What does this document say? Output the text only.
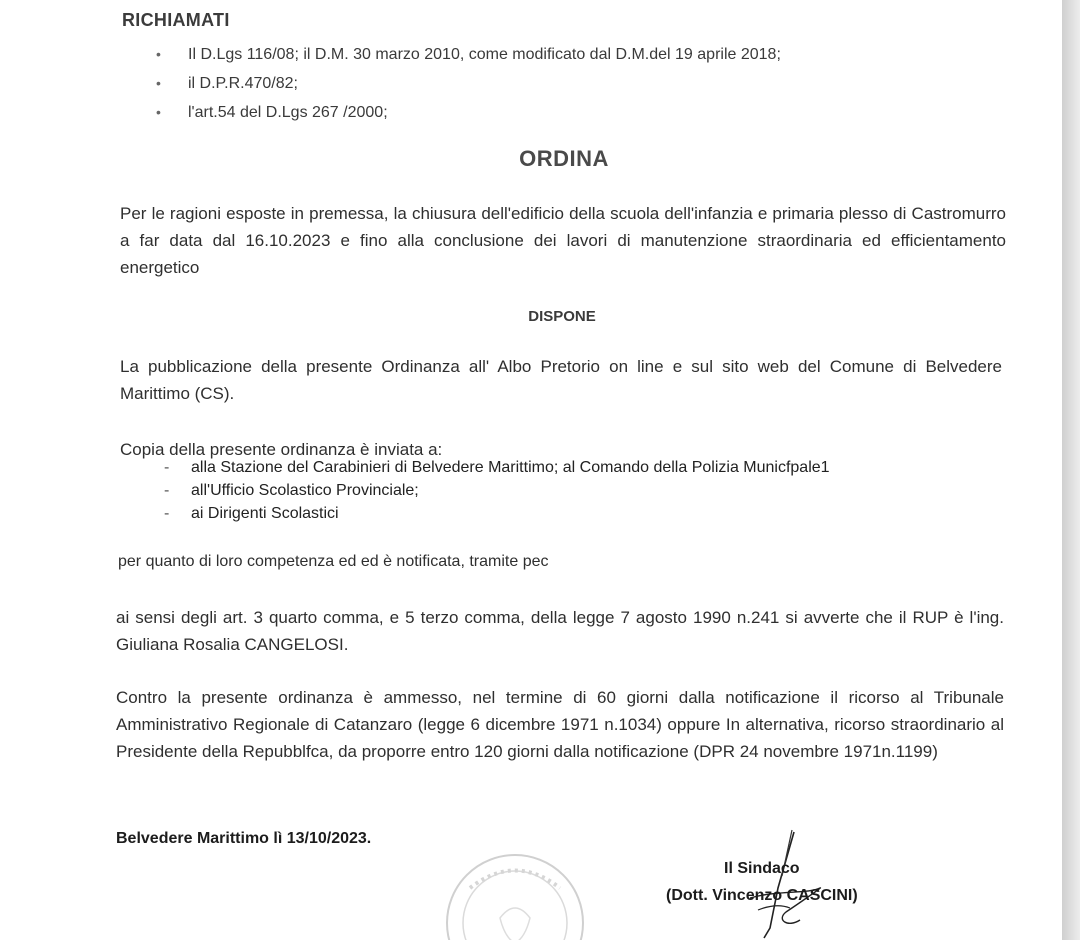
RICHIAMATI

• Il D.Lgs 116/08; il D.M. 30 marzo 2010, come modificato dal D.M.del 19 aprile 2018;
• il D.P.R.470/82;
• l'art.54 del D.Lgs 267 /2000;

ORDINA

Per le ragioni esposte in premessa, la chiusura dell'edificio della scuola dell'infanzia e primaria plesso di Castromurro a far data dal 16.10.2023 e fino alla conclusione dei lavori di manutenzione straordinaria ed efficientamento energetico

DISPONE

La pubblicazione della presente Ordinanza all' Albo Pretorio on line e sul sito web del Comune di Belvedere Marittimo (CS).

Copia della presente ordinanza è inviata a:

- alla Stazione del Carabinieri di Belvedere Marittimo; al Comando della Polizia Municfpale1
- all'Ufficio Scolastico Provinciale;
- ai Dirigenti Scolastici

per quanto di loro competenza ed ed è notificata, tramite pec

ai sensi degli art. 3 quarto comma, e 5 terzo comma, della legge 7 agosto 1990 n.241 si avverte che il RUP è l'ing. Giuliana Rosalia CANGELOSI.

Contro la presente ordinanza è ammesso, nel termine di 60 giorni dalla notificazione il ricorso al Tribunale Amministrativo Regionale di Catanzaro (legge 6 dicembre 1971 n.1034) oppure In alternativa, ricorso straordinario al Presidente della Repubblfca, da proporre entro 120 giorni dalla notificazione (DPR 24 novembre 1971n.1199)

Belvedere Marittimo lì 13/10/2023.

Il Sindaco

(Dott. Vincenzo CASCINI)
